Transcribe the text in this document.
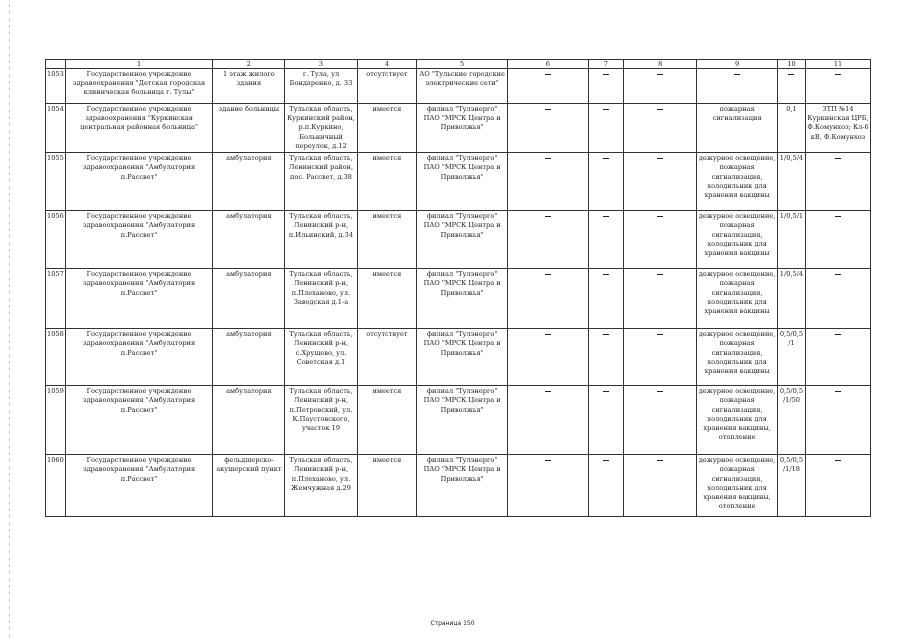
	1	2	3	4	5	6	7	8	9	10	11
1053	Государственное учреждение здравоохранения "Детская городская клиническая больница г. Тулы"	1 этаж жилого здания	г. Тула, ул Бондаренко, д. 33	отсутствует	АО "Тульские городские электрические сети"						
1054	Государственное учреждение здравоохранения "Куркинская центральная районная больница"	здание больницы	Тульская область, Куркинский район, р.п.Куркино, Больничный переулок, д.12	имеется	филиал "Тулэнерго" ПАО "МРСК Центра и Приволжья"				пожарная сигнализация	0,1	ЗТП №14 Куркинская ЦРБ, Ф.Комунхоз; Кл-6 кВ, Ф.Комунхоз
1055	Государственное учреждение здравоохранения "Амбулатория п.Рассвет"	амбулатория	Тульская область, Ленинский район, пос. Рассвет, д.38	имеется	филиал "Тулэнерго" ПАО "МРСК Центра и Приволжья"				дежурное освещение, пожарная сигнализация, холодильник для хранения вакцины	1/0,5/4	
1056	Государственное учреждение здравоохранения "Амбулатория п.Рассвет"	амбулатория	Тульская область, Ленинский р-н, п.Ильинский, д.34	имеется	филиал "Тулэнерго" ПАО "МРСК Центра и Приволжья"				дежурное освещение, пожарная сигнализация, холодильник для хранения вакцины	1/0,5/1	
1057	Государственное учреждение здравоохранения "Амбулатория п.Рассвет"	амбулатория	Тульская область, Ленинский р-н, п.Плеханово, ул. Заводская д.1-а	имеется	филиал "Тулэнерго" ПАО "МРСК Центра и Приволжья"				дежурное освещение, пожарная сигнализация, холодильник для хранения вакцины	1/0,5/4	
1058	Государственное учреждение здравоохранения "Амбулатория п.Рассвет"	амбулатория	Тульская область, Ленинский р-н, с.Хрущево, ул. Советская д.1	отсутствует	филиал "Тулэнерго" ПАО "МРСК Центра и Приволжья"				дежурное освещение, пожарная сигнализация, холодильник для хранения вакцины	0,5/0,5/1	
1059	Государственное учреждение здравоохранения "Амбулатория п.Рассвет"	амбулатория	Тульская область, Ленинский р-н, п.Петровский, ул. К.Паустовского, участок 19	имеется	филиал "Тулэнерго" ПАО "МРСК Центра и Приволжья"				дежурное освещение, пожарная сигнализация, холодильник для хранения вакцины, отопление	0,5/0,5/1/50	
1060	Государственное учреждение здравоохранения "Амбулатория п.Рассвет"	фельдшерско-акушерский пункт	Тульская область, Ленинский р-н, п.Плеханово, ул. Жемчужная д.29	имеется	филиал "Тулэнерго" ПАО "МРСК Центра и Приволжья"				дежурное освещение, пожарная сигнализация, холодильник для хранения вакцины, отопление	0,5/0,5/1/18	
Страница 150
